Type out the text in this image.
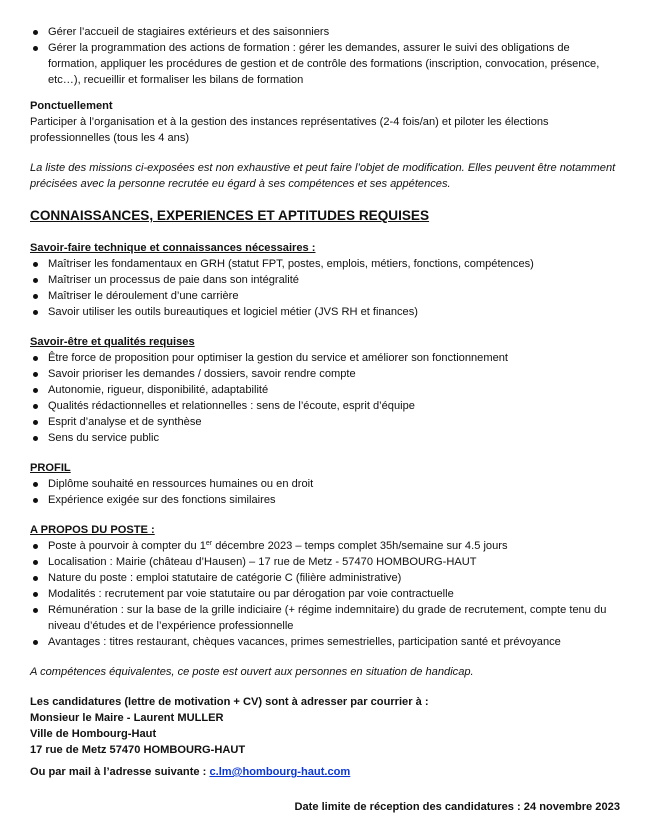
Gérer l’accueil de stagiaires extérieurs et des saisonniers
Gérer la programmation des actions de formation : gérer les demandes, assurer le suivi des obligations de formation, appliquer les procédures de gestion et de contrôle des formations (inscription, convocation, présence, etc…), recueillir et formaliser les bilans de formation

Ponctuellement

Participer à l’organisation et à la gestion des instances représentatives (2-4 fois/an) et piloter les élections professionnelles (tous les 4 ans)

La liste des missions ci-exposées est non exhaustive et peut faire l’objet de modification. Elles peuvent être notamment précisées avec la personne recrutée eu égard à ses compétences et ses appétences.

CONNAISSANCES, EXPERIENCES ET APTITUDES REQUISES

Savoir-faire technique et connaissances nécessaires :

Maîtriser les fondamentaux en GRH (statut FPT, postes, emplois, métiers, fonctions, compétences)
Maîtriser un processus de paie dans son intégralité
Maîtriser le déroulement d’une carrière
Savoir utiliser les outils bureautiques et logiciel métier (JVS RH et finances)

Savoir-être et qualités requises

Être force de proposition pour optimiser la gestion du service et améliorer son fonctionnement
Savoir prioriser les demandes / dossiers, savoir rendre compte
Autonomie, rigueur, disponibilité, adaptabilité
Qualités rédactionnelles et relationnelles : sens de l’écoute, esprit d’équipe
Esprit d’analyse et de synthèse
Sens du service public

PROFIL

Diplôme souhaité en ressources humaines ou en droit
Expérience exigée sur des fonctions similaires

A PROPOS DU POSTE :

Poste à pourvoir à compter du 1er décembre 2023 – temps complet 35h/semaine sur 4.5 jours
Localisation : Mairie (château d’Hausen) – 17 rue de Metz - 57470 HOMBOURG-HAUT
Nature du poste : emploi statutaire de catégorie C (filière administrative)
Modalités : recrutement par voie statutaire ou par dérogation par voie contractuelle
Rémunération : sur la base de la grille indiciaire (+ régime indemnitaire) du grade de recrutement, compte tenu du niveau d’études et de l’expérience professionnelle
Avantages : titres restaurant, chèques vacances, primes semestrielles, participation santé et prévoyance

A compétences équivalentes, ce poste est ouvert aux personnes en situation de handicap.

Les candidatures (lettre de motivation + CV) sont à adresser par courrier à :

Monsieur le Maire - Laurent MULLER

Ville de Hombourg-Haut

17 rue de Metz 57470 HOMBOURG-HAUT

Ou par mail à l’adresse suivante : c.lm@hombourg-haut.com

Date limite de réception des candidatures : 24 novembre 2023
